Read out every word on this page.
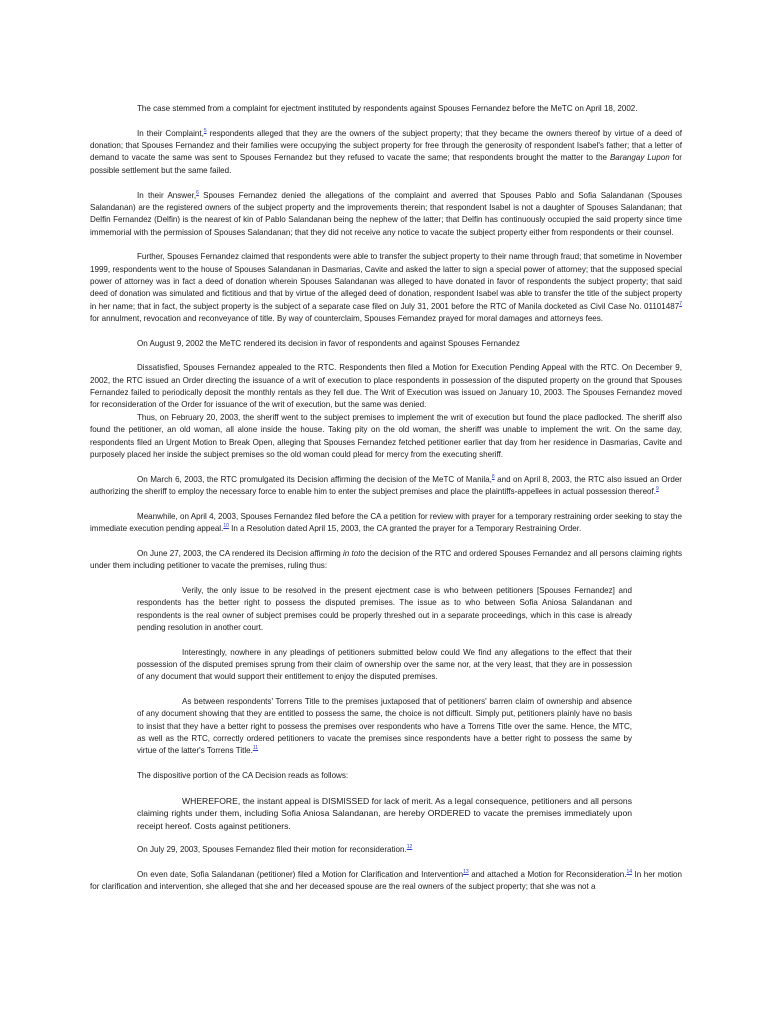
The case stemmed from a complaint for ejectment instituted by respondents against Spouses Fernandez before the MeTC on April 18, 2002.

In their Complaint,$^5$ respondents alleged that they are the owners of the subject property; that they became the owners thereof by virtue of a deed of donation; that Spouses Fernandez and their families were occupying the subject property for free through the generosity of respondent Isabel's father; that a letter of demand to vacate the same was sent to Spouses Fernandez but they refused to vacate the same; that respondents brought the matter to the Barangay Lupon for possible settlement but the same failed.

In their Answer,$^6$ Spouses Fernandez denied the allegations of the complaint and averred that Spouses Pablo and Sofia Salandanan (Spouses Salandanan) are the registered owners of the subject property and the improvements therein; that respondent Isabel is not a daughter of Spouses Salandanan; that Delfin Fernandez (Delfin) is the nearest of kin of Pablo Salandanan being the nephew of the latter; that Delfin has continuously occupied the said property since time immemorial with the permission of Spouses Salandanan; that they did not receive any notice to vacate the subject property either from respondents or their counsel.

Further, Spouses Fernandez claimed that respondents were able to transfer the subject property to their name through fraud; that sometime in November 1999, respondents went to the house of Spouses Salandanan in Dasmarias, Cavite and asked the latter to sign a special power of attorney; that the supposed special power of attorney was in fact a deed of donation wherein Spouses Salandanan was alleged to have donated in favor of respondents the subject property; that said deed of donation was simulated and fictitious and that by virtue of the alleged deed of donation, respondent Isabel was able to transfer the title of the subject property in her name; that in fact, the subject property is the subject of a separate case filed on July 31, 2001 before the RTC of Manila docketed as Civil Case No. 01101487$^7$ for annulment, revocation and reconveyance of title. By way of counterclaim, Spouses Fernandez prayed for moral damages and attorneys fees.

On August 9, 2002 the MeTC rendered its decision in favor of respondents and against Spouses Fernandez

Dissatisfied, Spouses Fernandez appealed to the RTC. Respondents then filed a Motion for Execution Pending Appeal with the RTC. On December 9, 2002, the RTC issued an Order directing the issuance of a writ of execution to place respondents in possession of the disputed property on the ground that Spouses Fernandez failed to periodically deposit the monthly rentals as they fell due. The Writ of Execution was issued on January 10, 2003. The Spouses Fernandez moved for reconsideration of the Order for issuance of the writ of execution, but the same was denied.

Thus, on February 20, 2003, the sheriff went to the subject premises to implement the writ of execution but found the place padlocked. The sheriff also found the petitioner, an old woman, all alone inside the house. Taking pity on the old woman, the sheriff was unable to implement the writ. On the same day, respondents filed an Urgent Motion to Break Open, alleging that Spouses Fernandez fetched petitioner earlier that day from her residence in Dasmarias, Cavite and purposely placed her inside the subject premises so the old woman could plead for mercy from the executing sheriff.

On March 6, 2003, the RTC promulgated its Decision affirming the decision of the MeTC of Manila,$^8$ and on April 8, 2003, the RTC also issued an Order authorizing the sheriff to employ the necessary force to enable him to enter the subject premises and place the plaintiffs-appellees in actual possession thereof.$^9$

Meanwhile, on April 4, 2003, Spouses Fernandez filed before the CA a petition for review with prayer for a temporary restraining order seeking to stay the immediate execution pending appeal.$^{10}$ In a Resolution dated April 15, 2003, the CA granted the prayer for a Temporary Restraining Order.

On June 27, 2003, the CA rendered its Decision affirming in toto the decision of the RTC and ordered Spouses Fernandez and all persons claiming rights under them including petitioner to vacate the premises, ruling thus:

Verily, the only issue to be resolved in the present ejectment case is who between petitioners [Spouses Fernandez] and respondents has the better right to possess the disputed premises. The issue as to who between Sofia Aniosa Salandanan and respondents is the real owner of subject premises could be properly threshed out in a separate proceedings, which in this case is already pending resolution in another court.

Interestingly, nowhere in any pleadings of petitioners submitted below could We find any allegations to the effect that their possession of the disputed premises sprung from their claim of ownership over the same nor, at the very least, that they are in possession of any document that would support their entitlement to enjoy the disputed premises.

As between respondents' Torrens Title to the premises juxtaposed that of petitioners' barren claim of ownership and absence of any document showing that they are entitled to possess the same, the choice is not difficult. Simply put, petitioners plainly have no basis to insist that they have a better right to possess the premises over respondents who have a Torrens Title over the same. Hence, the MTC, as well as the RTC, correctly ordered petitioners to vacate the premises since respondents have a better right to possess the same by virtue of the latter's Torrens Title.$^{11}$

The dispositive portion of the CA Decision reads as follows:

WHEREFORE, the instant appeal is DISMISSED for lack of merit. As a legal consequence, petitioners and all persons claiming rights under them, including Sofia Aniosa Salandanan, are hereby ORDERED to vacate the premises immediately upon receipt hereof. Costs against petitioners.

On July 29, 2003, Spouses Fernandez filed their motion for reconsideration.$^{12}$

On even date, Sofia Salandanan (petitioner) filed a Motion for Clarification and Intervention$^{13}$ and attached a Motion for Reconsideration.$^{14}$ In her motion for clarification and intervention, she alleged that she and her deceased spouse are the real owners of the subject property; that she was not a
